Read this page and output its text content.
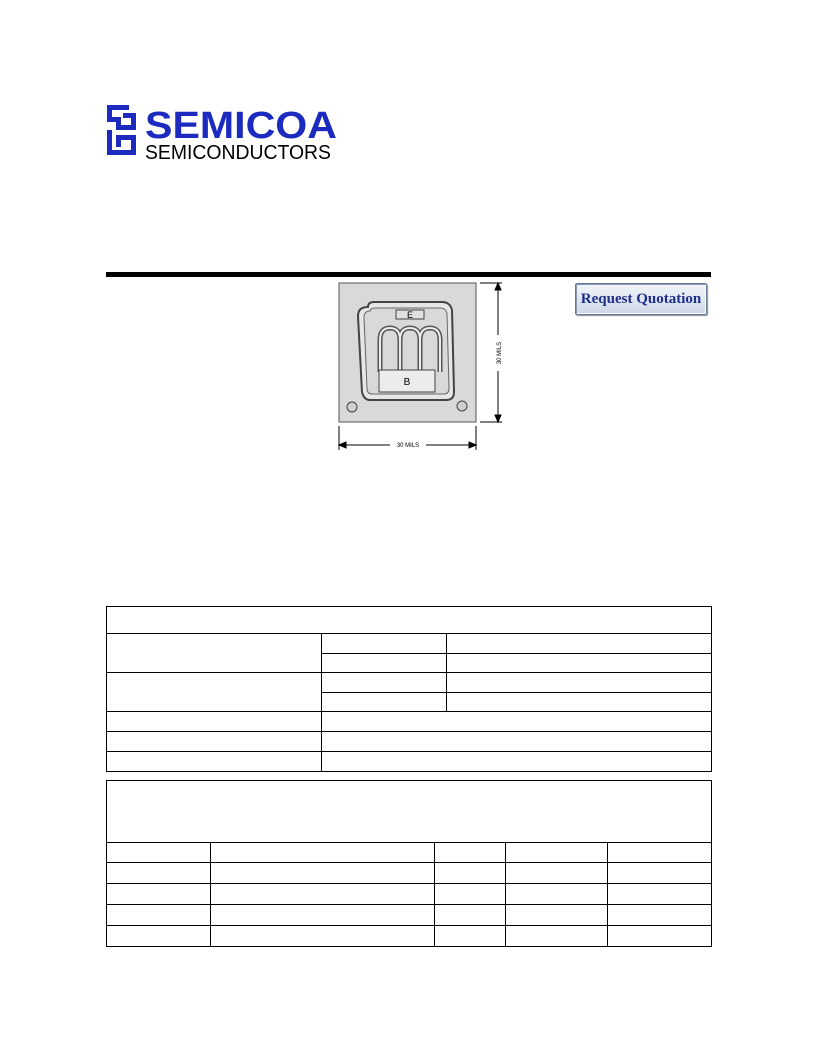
SEMICOA
SEMICONDUCTORS
E
B
30 MILS
30 MILS
Request Quotation
